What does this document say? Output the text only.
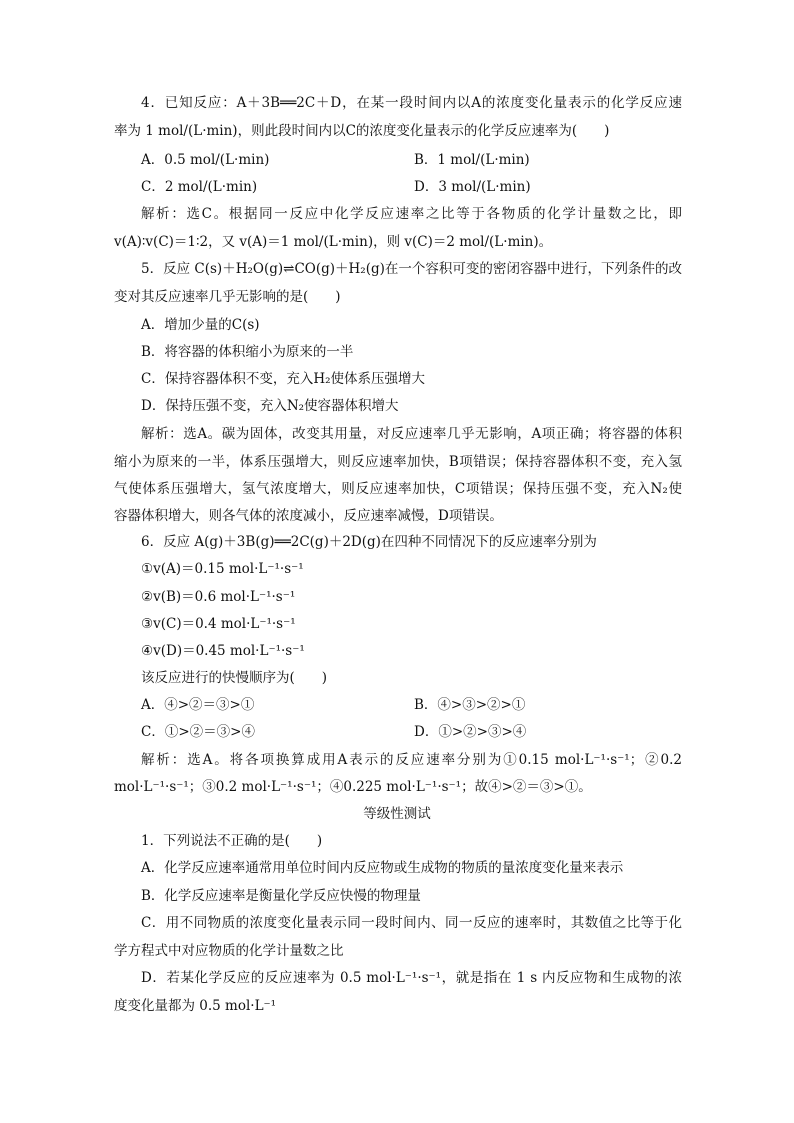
4．已知反应：A＋3B══2C＋D，在某一段时间内以A的浓度变化量表示的化学反应速
率为 1 mol/(L·min)，则此段时间内以C的浓度变化量表示的化学反应速率为(　　)
A．0.5 mol/(L·min)	B．1 mol/(L·min)
C．2 mol/(L·min)	D．3 mol/(L·min)
解析：选C。根据同一反应中化学反应速率之比等于各物质的化学计量数之比，即
v(A)∶v(C)＝1∶2，又 v(A)＝1 mol/(L·min)，则 v(C)＝2 mol/(L·min)。
5．反应 C(s)＋H₂O(g)⇌CO(g)＋H₂(g)在一个容积可变的密闭容器中进行，下列条件的改
变对其反应速率几乎无影响的是(　　)
A．增加少量的C(s)
B．将容器的体积缩小为原来的一半
C．保持容器体积不变，充入H₂使体系压强增大
D．保持压强不变，充入N₂使容器体积增大
解析：选A。碳为固体，改变其用量，对反应速率几乎无影响，A项正确；将容器的体积
缩小为原来的一半，体系压强增大，则反应速率加快，B项错误；保持容器体积不变，充入氢
气使体系压强增大，氢气浓度增大，则反应速率加快，C项错误；保持压强不变，充入N₂使
容器体积增大，则各气体的浓度减小，反应速率减慢，D项错误。
6．反应 A(g)＋3B(g)══2C(g)＋2D(g)在四种不同情况下的反应速率分别为
①v(A)＝0.15 mol·L⁻¹·s⁻¹
②v(B)＝0.6 mol·L⁻¹·s⁻¹
③v(C)＝0.4 mol·L⁻¹·s⁻¹
④v(D)＝0.45 mol·L⁻¹·s⁻¹
该反应进行的快慢顺序为(　　)
A．④>②＝③>①	B．④>③>②>①
C．①>②＝③>④	D．①>②>③>④
解析：选A。将各项换算成用A表示的反应速率分别为①0.15 mol·L⁻¹·s⁻¹；②0.2
mol·L⁻¹·s⁻¹；③0.2 mol·L⁻¹·s⁻¹；④0.225 mol·L⁻¹·s⁻¹；故④>②＝③>①。
等级性测试
1．下列说法不正确的是(　　)
A．化学反应速率通常用单位时间内反应物或生成物的物质的量浓度变化量来表示
B．化学反应速率是衡量化学反应快慢的物理量
C．用不同物质的浓度变化量表示同一段时间内、同一反应的速率时，其数值之比等于化
学方程式中对应物质的化学计量数之比
D．若某化学反应的反应速率为 0.5 mol·L⁻¹·s⁻¹，就是指在 1 s 内反应物和生成物的浓
度变化量都为 0.5 mol·L⁻¹
